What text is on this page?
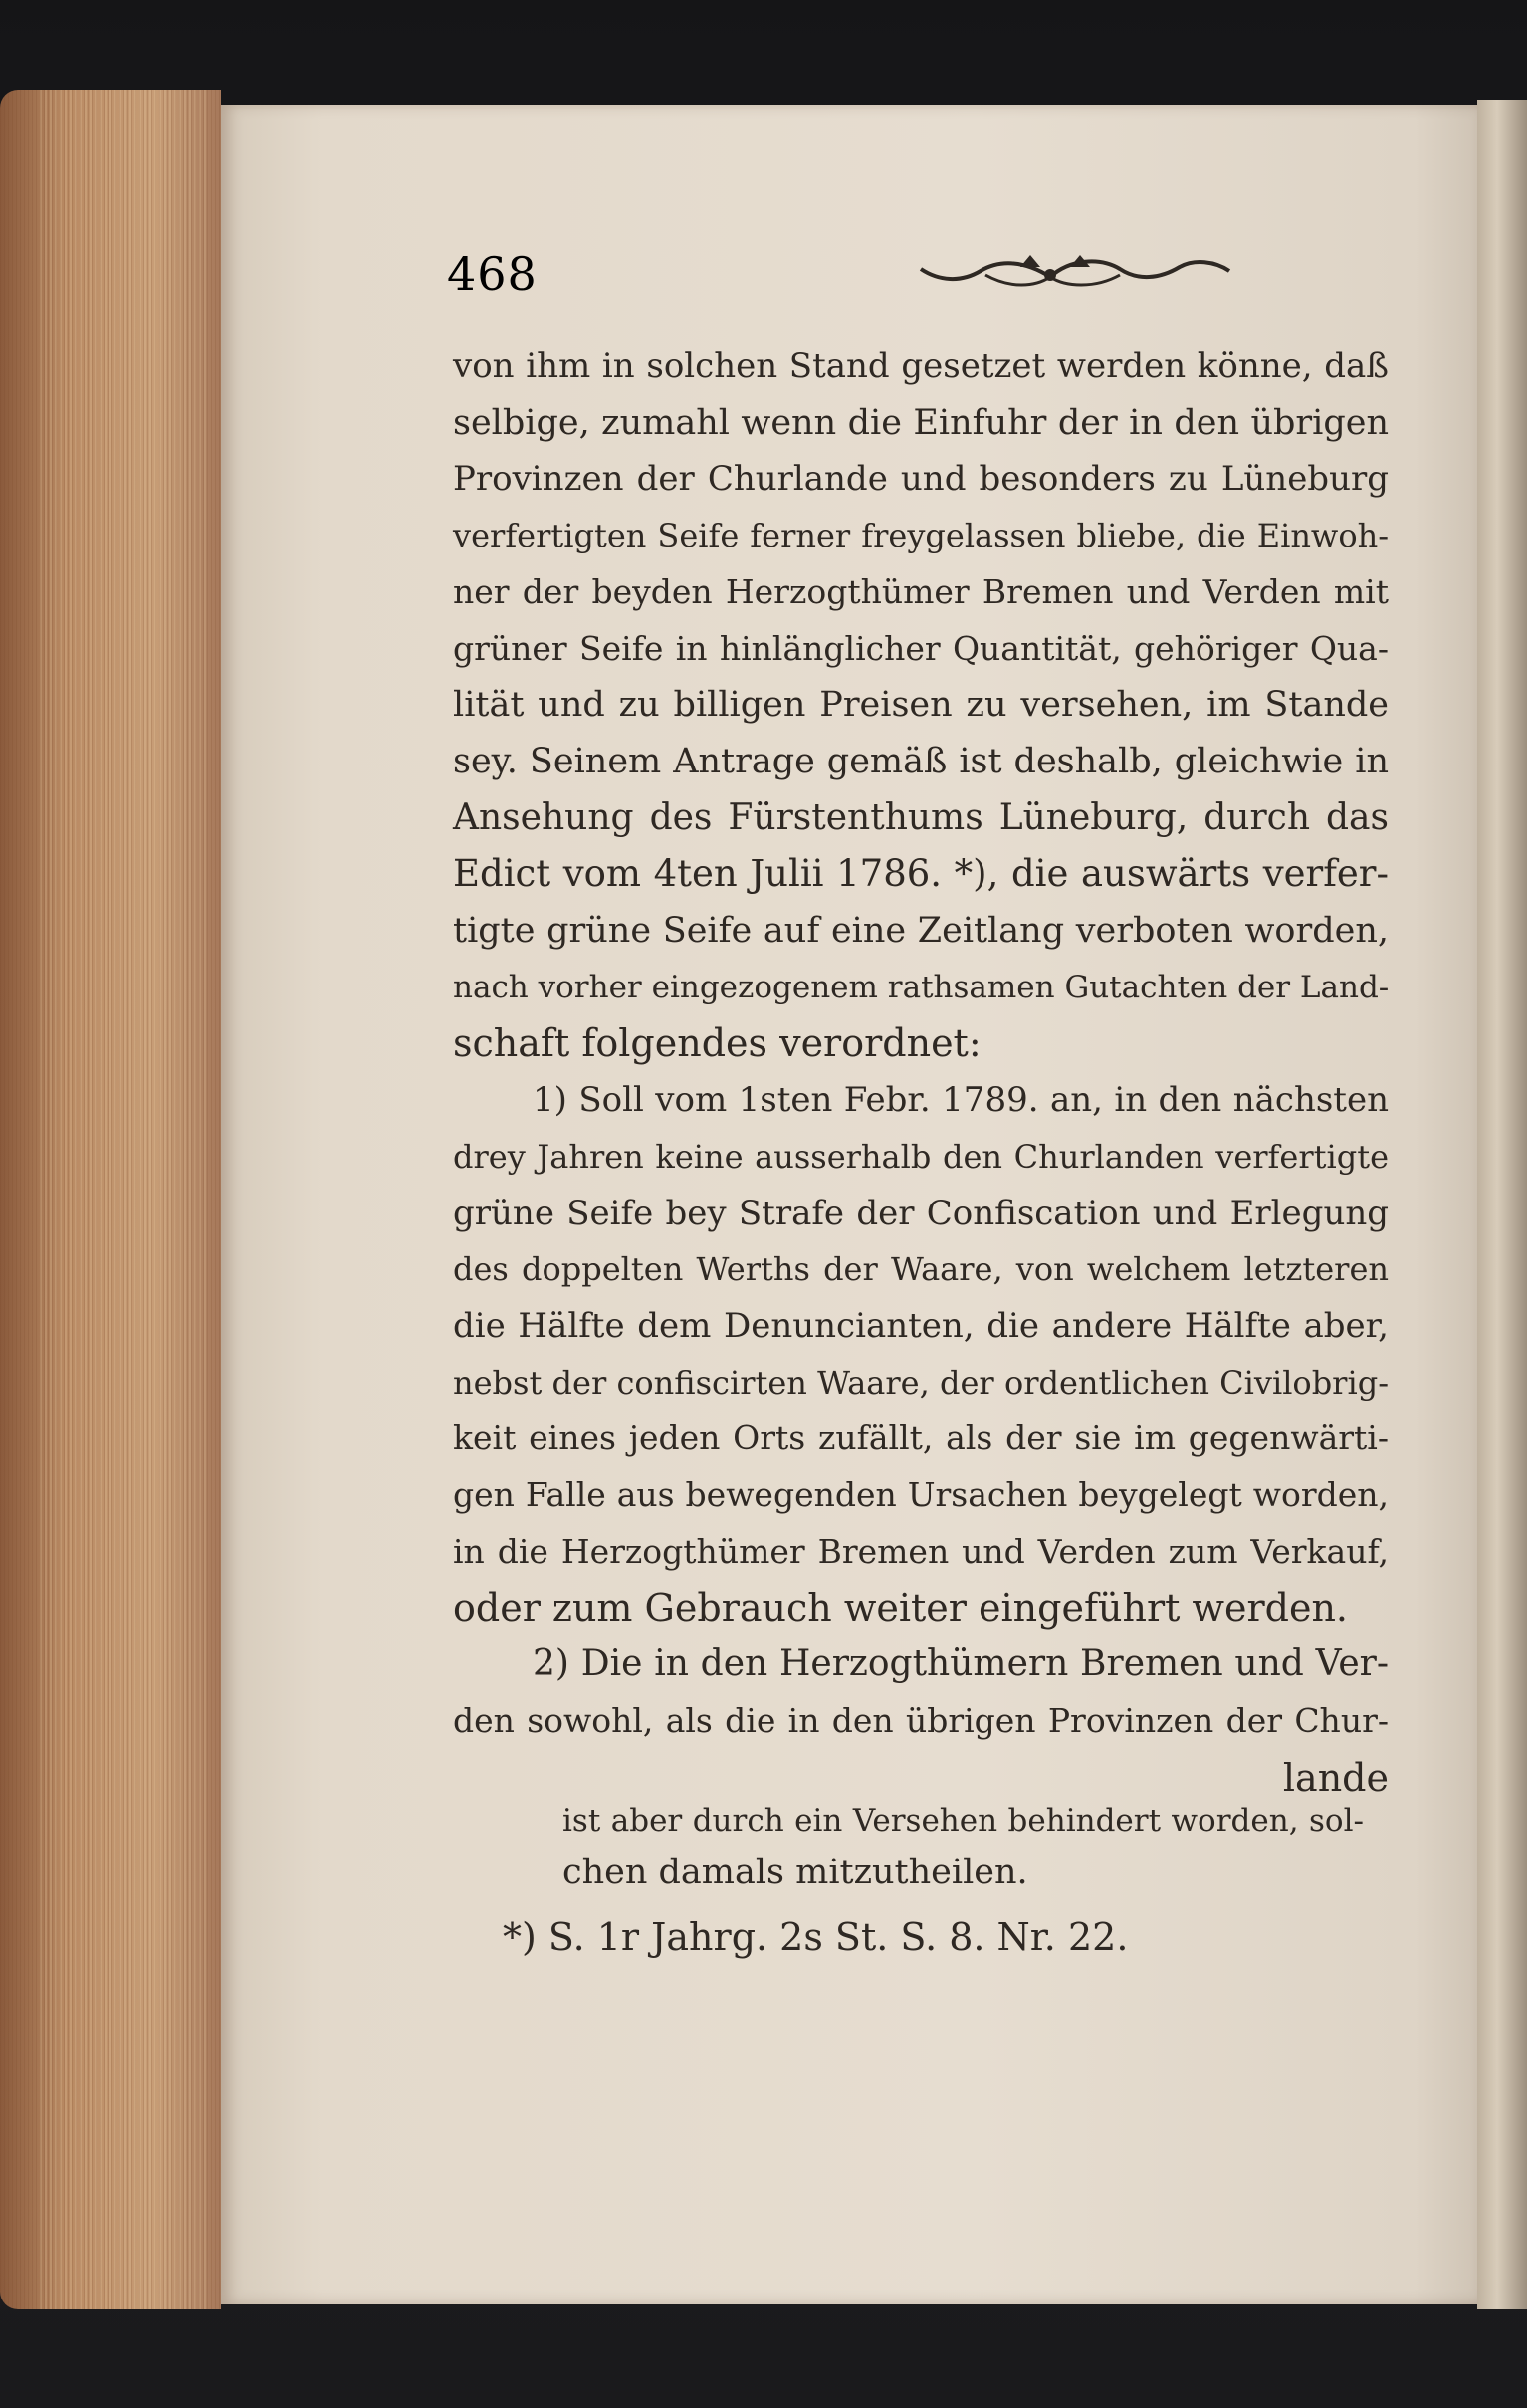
468
von ihm in solchen Stand gesetzet werden könne, daß
selbige, zumahl wenn die Einfuhr der in den übrigen
Provinzen der Churlande und besonders zu Lüneburg
verfertigten Seife ferner freygelassen bliebe, die Einwoh-
ner der beyden Herzogthümer Bremen und Verden mit
grüner Seife in hinlänglicher Quantität, gehöriger Qua-
lität und zu billigen Preisen zu versehen, im Stande
sey. Seinem Antrage gemäß ist deshalb, gleichwie in
Ansehung des Fürstenthums Lüneburg, durch das
Edict vom 4ten Julii 1786. *), die auswärts verfer-
tigte grüne Seife auf eine Zeitlang verboten worden,
nach vorher eingezogenem rathsamen Gutachten der Land-
schaft folgendes verordnet:
1) Soll vom 1sten Febr. 1789. an, in den nächsten
drey Jahren keine ausserhalb den Churlanden verfertigte
grüne Seife bey Strafe der Confiscation und Erlegung
des doppelten Werths der Waare, von welchem letzteren
die Hälfte dem Denuncianten, die andere Hälfte aber,
nebst der confiscirten Waare, der ordentlichen Civilobrig-
keit eines jeden Orts zufällt, als der sie im gegenwärti-
gen Falle aus bewegenden Ursachen beygelegt worden,
in die Herzogthümer Bremen und Verden zum Verkauf,
oder zum Gebrauch weiter eingeführt werden.
2) Die in den Herzogthümern Bremen und Ver-
den sowohl, als die in den übrigen Provinzen der Chur-
lande
ist aber durch ein Versehen behindert worden, sol-
chen damals mitzutheilen.
*) S. 1r Jahrg. 2s St. S. 8. Nr. 22.
